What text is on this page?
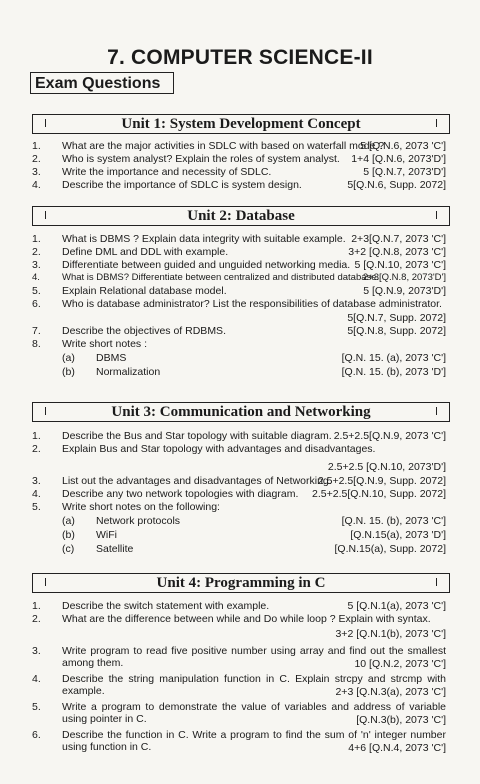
7. COMPUTER SCIENCE-II
Exam Questions
Unit 1: System Development Concept
1. What are the major activities in SDLC with based on waterfall mode ?
5 [Q.N.6, 2073 'C']
2. Who is system analyst? Explain the roles of system analyst. 1+4 [Q.N.6, 2073'D']
3. Write the importance and necessity of SDLC.	5 [Q.N.7, 2073'D']
4. Describe the importance of SDLC is system design.	5[Q.N.6, Supp. 2072]
Unit 2: Database
1. What is DBMS ? Explain data integrity with suitable example. 2+3[Q.N.7, 2073 'C']
2. Define DML and DDL with example.	3+2 [Q.N.8, 2073 'C']
3. Differentiate between guided and unguided networking media. 5 [Q.N.10, 2073 'C']
4. What is DBMS? Differentiate between centralized and distributed database.
2+3[Q.N.8, 2073'D']
5. Explain Relational database model.	5 [Q.N.9, 2073'D']
6. Who is database administrator? List the responsibilities of database administrator.
5[Q.N.7, Supp. 2072]
7. Describe the objectives of RDBMS.	5[Q.N.8, Supp. 2072]
8. Write short notes :
(a) DBMS	[Q.N. 15. (a), 2073 'C']
(b) Normalization	[Q.N. 15. (b), 2073 'D']
Unit 3: Communication and Networking
1. Describe the Bus and Star topology with suitable diagram. 2.5+2.5[Q.N.9, 2073 'C']
2. Explain Bus and Star topology with advantages and disadvantages.
2.5+2.5 [Q.N.10, 2073'D']
3. List out the advantages and disadvantages of Networking.
2.5+2.5[Q.N.9, Supp. 2072]
4. Describe any two network topologies with diagram. 2.5+2.5[Q.N.10, Supp. 2072]
5. Write short notes on the following:
(a) Network protocols	[Q.N. 15. (b), 2073 'C']
(b) WiFi	[Q.N.15(a), 2073 'D']
(c) Satellite	[Q.N.15(a), Supp. 2072]
Unit 4: Programming in C
1. Describe the switch statement with example.	5 [Q.N.1(a), 2073 'C']
2. What are the difference between while and Do while loop ? Explain with syntax.
3+2 [Q.N.1(b), 2073 'C']
3. Write program to read five positive number using array and find out the smallest among them.	10 [Q.N.2, 2073 'C']
4. Describe the string manipulation function in C. Explain strcpy and strcmp with example.	2+3 [Q.N.3(a), 2073 'C']
5. Write a program to demonstrate the value of variables and address of variable using pointer in C.	[Q.N.3(b), 2073 'C']
6. Describe the function in C. Write a program to find the sum of 'n' integer number using function in C.	4+6 [Q.N.4, 2073 'C']
